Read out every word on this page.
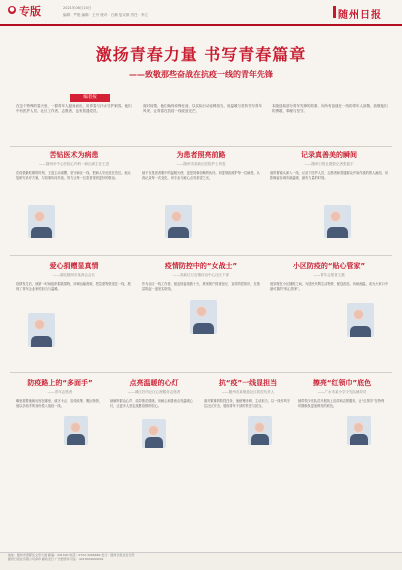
● 专版	2021年06月10日
编辑：严艳 编辑：王丹 校对：石楠 复议制 责任：李立	随州日报
激扬青春力量 书写青春篇章
——致敬那些奋战在抗疫一线的青年先锋
编者按
在这个特殊的春天里，一群青年人挺身而出，用青春与汗水守护家园。他们中有医护人员、社区工作者、志愿者，也有普通党员。
面对疫情，他们始终冲锋在前，以实际行动诠释担当，用温暖与坚持书写青年风采，让青春在抗疫一线绽放光芒。
本版选取部分青年先锋的故事，向所有奋战在一线的青年人致敬，致敬他们的勇敢、奉献与坚守。
苦钻医术为病患
——随州市中心医院心内科一病区副主任王进
在疫情最吃紧的时刻，王进主动请缨，坚守病区一线，把病人安危放在首位。他反复研究诊疗方案，与同事协同作战，努力让每一位患者得到更好的救治。
为患者照亮前路
——随州市高新区医院护士刘雯
她不仅是患者眼中的温暖天使，更是同事信赖的伙伴。刘雯细致照护每一位病患，认真记录每一次变化，用专业与耐心点亮希望之光。
记录真善美的瞬间
——随州日报社摄影记者张振宇
他带着镜头深入一线，记录下医护人员、志愿者和普通群众并肩作战的感人画面，用影像留存城市最温暖、最有力量的时刻。
爱心捐赠显真情
——湖北随州市某商会会长
疫情发生后，他第一时间组织捐款捐物，协调运输资源，把急需物资送往一线，展现了青年企业家的担当与温暖。
疫情防控中的“女战士”
——高新区万店镇综治中心社区干部
作为社区一线工作者，她连续奋战数十天，挨家挨户排查登记、宣传防控知识，在基层筑起一道坚实防线。
小区防疫的“贴心管家”
——青年志愿者王磊
他穿梭在小区楼栋之间，为居民代购生活物资、配送药品、协助测温，成为大家口中最可靠的“贴心管家”。
防疫路上的“多面手”
——青年志愿者
哪里需要他就出现在哪里，值守卡点、宣传政策、搬运物资，他以多面手的身份投入战疫一线。
点亮温暖的心灯
——城区妇幼社区心理服务志愿者
她倾听群众心声、疏导焦虑情绪，用耐心和善意点亮温暖心灯，让更多人坚定战胜疫情的信心。
抗“疫”一线显担当
——随州市某街道社区防控负责人
面对繁重的防控任务，他统筹协调、主动担当，以一线作风守住社区安全，展现青年干部的责任与担当。
擦亮“红领巾”底色
——广水市某小学少先队辅导员
她带领少先队员开展线上宣讲和志愿服务，让“红领巾”在特殊时期焕发更加鲜亮的底色。
地址：随州市曾都区文帝大道 邮编：441300 电话：0722-3266666 发行：随州日报社发行部
随州日报社有限公司承印 邮政发行 广告经营许可证：4213004000001
